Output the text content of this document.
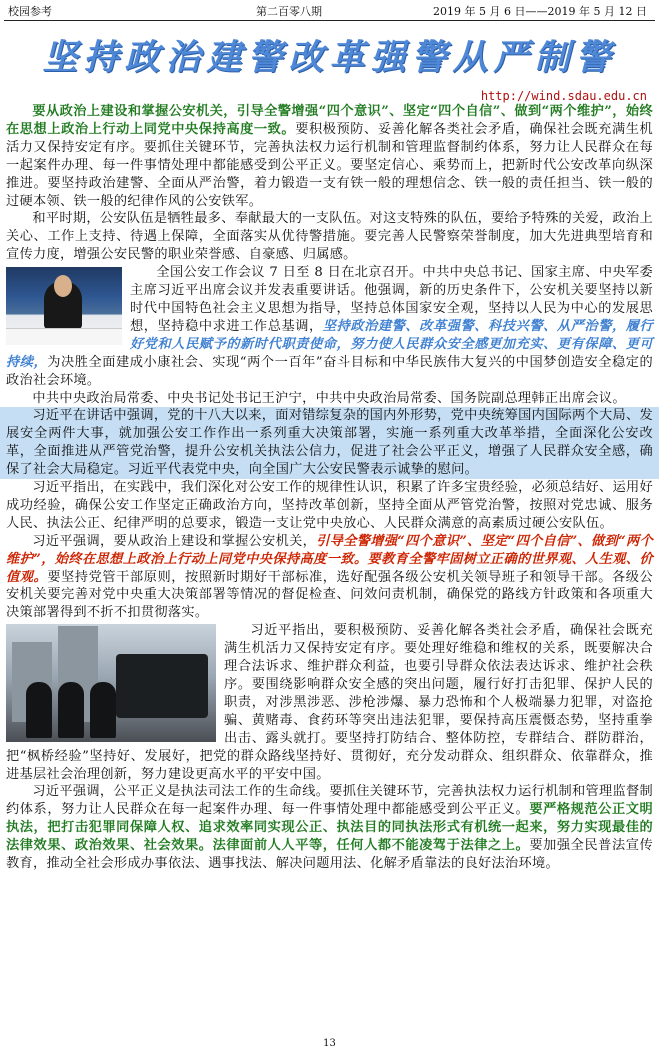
校园参考	第二百零八期	2019 年 5 月 6 日——2019 年 5 月 12 日
坚持政治建警改革强警从严制警
http://wind.sdau.edu.cn

要从政治上建设和掌握公安机关，引导全警增强“四个意识”、坚定“四个自信”、做到“两个维护”，始终在思想上政治上行动上同党中央保持高度一致。要积极预防、妥善化解各类社会矛盾，确保社会既充满生机活力又保持安定有序。要抓住关键环节，完善执法权力运行机制和管理监督制约体系，努力让人民群众在每一起案件办理、每一件事情处理中都能感受到公平正义。要坚定信心、乘势而上，把新时代公安改革向纵深推进。要坚持政治建警、全面从严治警，着力锻造一支有铁一般的理想信念、铁一般的责任担当、铁一般的过硬本领、铁一般的纪律作风的公安铁军。

和平时期，公安队伍是牺牲最多、奉献最大的一支队伍。对这支特殊的队伍，要给予特殊的关爱，政治上关心、工作上支持、待遇上保障，全面落实从优待警措施。要完善人民警察荣誉制度，加大先进典型培育和宣传力度，增强公安民警的职业荣誉感、自豪感、归属感。

全国公安工作会议 7 日至 8 日在北京召开。中共中央总书记、国家主席、中央军委主席习近平出席会议并发表重要讲话。他强调，新的历史条件下，公安机关要坚持以新时代中国特色社会主义思想为指导，坚持总体国家安全观，坚持以人民为中心的发展思想，坚持稳中求进工作总基调，坚持政治建警、改革强警、科技兴警、从严治警，履行好党和人民赋予的新时代职责使命，努力使人民群众安全感更加充实、更有保障、更可持续，为决胜全面建成小康社会、实现“两个一百年”奋斗目标和中华民族伟大复兴的中国梦创造安全稳定的政治社会环境。

中共中央政治局常委、中央书记处书记王沪宁，中共中央政治局常委、国务院副总理韩正出席会议。

习近平在讲话中强调，党的十八大以来，面对错综复杂的国内外形势，党中央统筹国内国际两个大局、发展安全两件大事，就加强公安工作作出一系列重大决策部署，实施一系列重大改革举措，全面深化公安改革，全面推进从严管党治警，提升公安机关执法公信力，促进了社会公平正义，增强了人民群众安全感，确保了社会大局稳定。习近平代表党中央，向全国广大公安民警表示诚挚的慰问。

习近平指出，在实践中，我们深化对公安工作的规律性认识，积累了许多宝贵经验，必须总结好、运用好成功经验，确保公安工作坚定正确政治方向，坚持改革创新，坚持全面从严管党治警，按照对党忠诚、服务人民、执法公正、纪律严明的总要求，锻造一支让党中央放心、人民群众满意的高素质过硬公安队伍。

习近平强调，要从政治上建设和掌握公安机关，引导全警增强“四个意识”、坚定“四个自信”、做到“两个维护”，始终在思想上政治上行动上同党中央保持高度一致。要教育全警牢固树立正确的世界观、人生观、价值观。要坚持党管干部原则，按照新时期好干部标准，选好配强各级公安机关领导班子和领导干部。各级公安机关要完善对党中央重大决策部署等情况的督促检查、问效问责机制，确保党的路线方针政策和各项重大决策部署得到不折不扣贯彻落实。

习近平指出，要积极预防、妥善化解各类社会矛盾，确保社会既充满生机活力又保持安定有序。要处理好维稳和维权的关系，既要解决合理合法诉求、维护群众利益，也要引导群众依法表达诉求、维护社会秩序。要围绕影响群众安全感的突出问题，履行好打击犯罪、保护人民的职责，对涉黑涉恶、涉枪涉爆、暴力恐怖和个人极端暴力犯罪，对盗抢骗、黄赌毒、食药环等突出违法犯罪，要保持高压震慑态势，坚持重拳出击、露头就打。要坚持打防结合、整体防控，专群结合、群防群治，把“枫桥经验”坚持好、发展好，把党的群众路线坚持好、贯彻好，充分发动群众、组织群众、依靠群众，推进基层社会治理创新，努力建设更高水平的平安中国。

习近平强调，公平正义是执法司法工作的生命线。要抓住关键环节，完善执法权力运行机制和管理监督制约体系，努力让人民群众在每一起案件办理、每一件事情处理中都能感受到公平正义。要严格规范公正文明执法，把打击犯罪同保障人权、追求效率同实现公正、执法目的同执法形式有机统一起来，努力实现最佳的法律效果、政治效果、社会效果。法律面前人人平等，任何人都不能凌驾于法律之上。要加强全民普法宣传教育，推动全社会形成办事依法、遇事找法、解决问题用法、化解矛盾靠法的良好法治环境。

13
